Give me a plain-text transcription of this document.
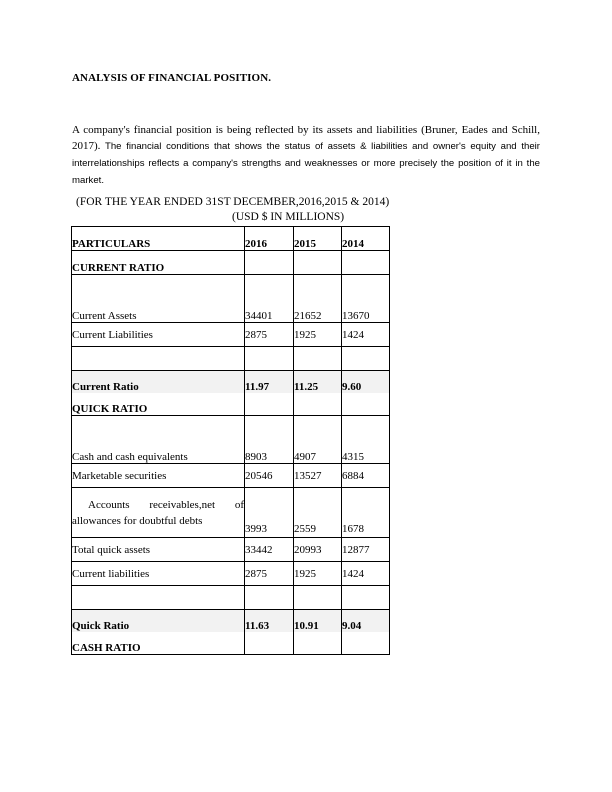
ANALYSIS OF FINANCIAL POSITION.
A company's financial position is being reflected by its assets and liabilities (Bruner, Eades and Schill, 2017). The financial conditions that shows the status of assets & liabilities and owner's equity and their interrelationships reflects a company's strengths and weaknesses or more precisely the position of it in the market.
(FOR THE YEAR ENDED 31ST DECEMBER,2016,2015 & 2014)
(USD $ IN MILLIONS)
PARTICULARS	2016	2015	2014
CURRENT RATIO			
Current Assets	34401	21652	13670
Current Liabilities	2875	1925	1424

Current Ratio	11.97	11.25	9.60
QUICK RATIO			
Cash and cash equivalents	8903	4907	4315
Marketable securities	20546	13527	6884

Accounts receivables,net of
allowances for doubtful debts	3993	2559	1678
Total quick assets	33442	20993	12877
Current liabilities	2875	1925	1424

Quick Ratio	11.63	10.91	9.04
CASH RATIO			
